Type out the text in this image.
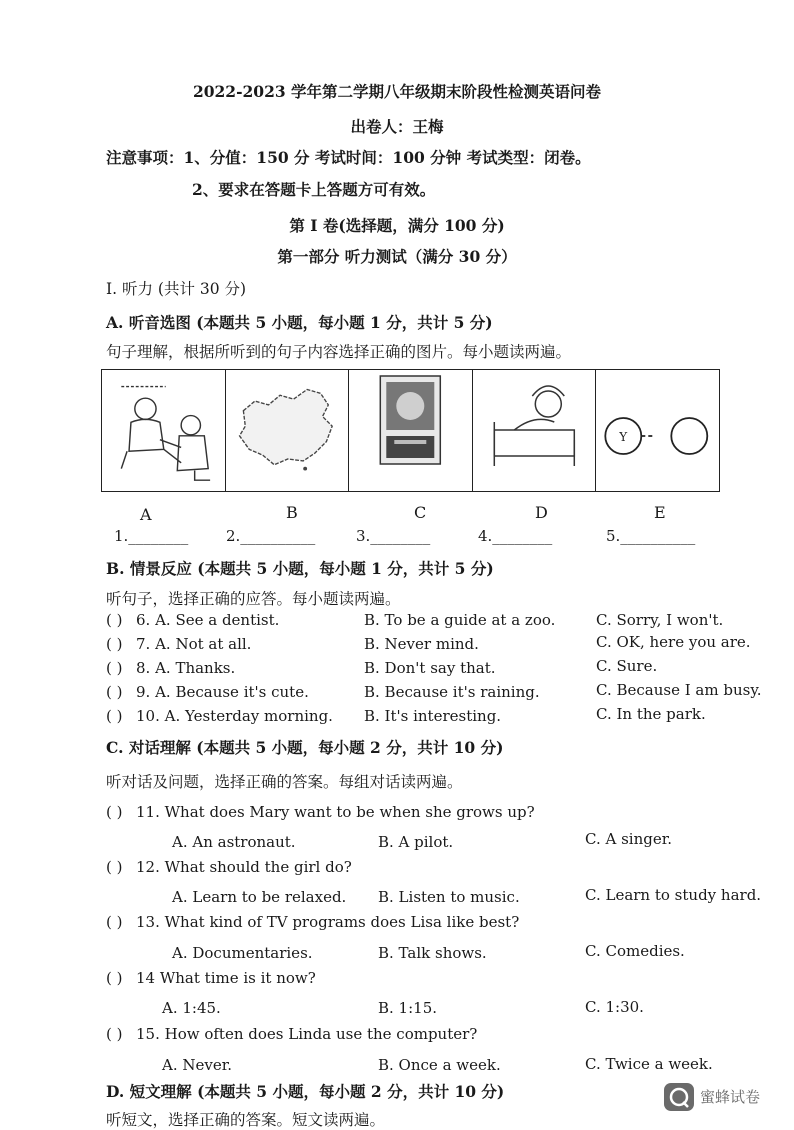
2022-2023 学年第二学期八年级期末阶段性检测英语问卷
出卷人：王梅
注意事项：1、分值：150 分 考试时间：100 分钟 考试类型：闭卷。
2、要求在答题卡上答题方可有效。
第 I 卷(选择题，满分 100 分)
第一部分 听力测试（满分 30 分）
I. 听力 (共计 30 分)
A. 听音选图 (本题共 5 小题，每小题 1 分，共计 5 分)
句子理解，根据所听到的句子内容选择正确的图片。每小题读两遍。
Y
A	B	C	D	E
1.________	2.__________	3.________	4.________	5.__________
B. 情景反应 (本题共 5 小题，每小题 1 分，共计 5 分)
听句子，选择正确的应答。每小题读两遍。
( ) 6. A. See a dentist.	B. To be a guide at a zoo.	C. Sorry, I won't.
( ) 7. A. Not at all.	B. Never mind.	C. OK, here you are.
( ) 8. A. Thanks.	B. Don't say that.	C. Sure.
( ) 9. A. Because it's cute.	B. Because it's raining.	C. Because I am busy.
( ) 10. A. Yesterday morning. B. It's interesting.	C. In the park.
C. 对话理解 (本题共 5 小题，每小题 2 分，共计 10 分)
听对话及问题，选择正确的答案。每组对话读两遍。
( ) 11. What does Mary want to be when she grows up?
A. An astronaut.	B. A pilot.	C. A singer.
( ) 12. What should the girl do?
A. Learn to be relaxed. B. Listen to music.	C. Learn to study hard.
( ) 13. What kind of TV programs does Lisa like best?
A. Documentaries.	B. Talk shows.	C. Comedies.
( ) 14 What time is it now?
A. 1:45.	B. 1:15.	C. 1:30.
( ) 15. How often does Linda use the computer?
A. Never.	B. Once a week.	C. Twice a week.
D. 短文理解 (本题共 5 小题，每小题 2 分，共计 10 分)
听短文，选择正确的答案。短文读两遍。
蜜蜂试卷
